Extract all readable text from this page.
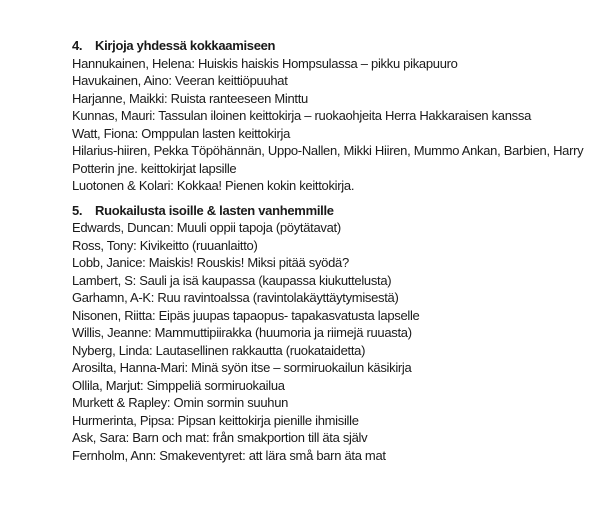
4. Kirjoja yhdessä kokkaamiseen
Hannukainen, Helena: Huiskis haiskis Hompsulassa – pikku pikapuuro
Havukainen, Aino: Veeran keittiöpuuhat
Harjanne, Maikki: Ruista ranteeseen Minttu
Kunnas, Mauri: Tassulan iloinen keittokirja – ruokaohjeita Herra Hakkaraisen kanssa
Watt, Fiona: Omppulan lasten keittokirja
Hilarius-hiiren, Pekka Töpöhännän, Uppo-Nallen, Mikki Hiiren, Mummo Ankan, Barbien, Harry
Potterin jne. keittokirjat lapsille
Luotonen & Kolari: Kokkaa! Pienen kokin keittokirja.
5. Ruokailusta isoille & lasten vanhemmille
Edwards, Duncan: Muuli oppii tapoja (pöytätavat)
Ross, Tony: Kivikeitto (ruuanlaitto)
Lobb, Janice: Maiskis! Rouskis! Miksi pitää syödä?
Lambert, S: Sauli ja isä kaupassa (kaupassa kiukuttelusta)
Garhamn, A-K: Ruu ravintoalssa (ravintolakäyttäytymisestä)
Nisonen, Riitta: Eipäs juupas tapaopus- tapakasvatusta lapselle
Willis, Jeanne: Mammuttipiirakka (huumoria ja riimejä ruuasta)
Nyberg, Linda: Lautasellinen rakkautta (ruokataidetta)
Arosilta, Hanna-Mari: Minä syön itse – sormiruokailun käsikirja
Ollila, Marjut: Simppeliä sormiruokailua
Murkett & Rapley: Omin sormin suuhun
Hurmerinta, Pipsa: Pipsan keittokirja pienille ihmisille
Ask, Sara: Barn och mat: från smakportion till äta själv
Fernholm, Ann: Smakeventyret: att lära små barn äta mat
